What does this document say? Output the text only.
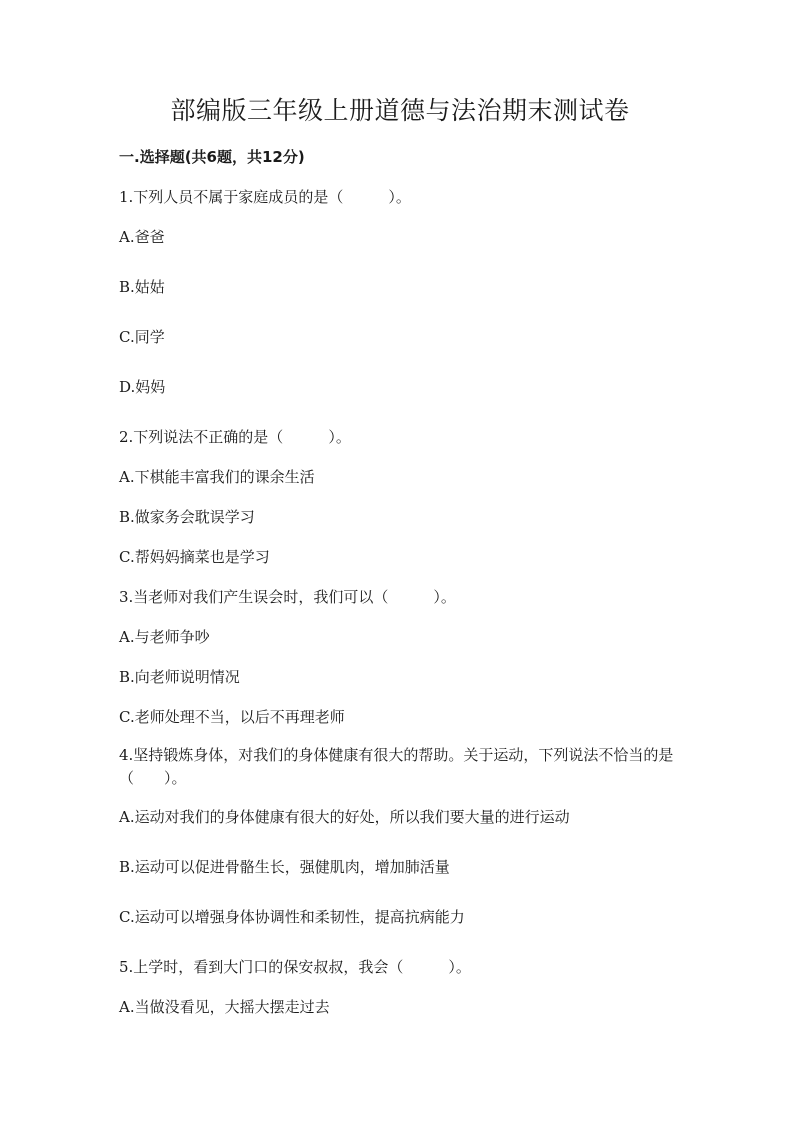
部编版三年级上册道德与法治期末测试卷
一.选择题(共6题，共12分)
1.下列人员不属于家庭成员的是（　　　）。
A.爸爸
B.姑姑
C.同学
D.妈妈
2.下列说法不正确的是（　　　）。
A.下棋能丰富我们的课余生活
B.做家务会耽误学习
C.帮妈妈摘菜也是学习
3.当老师对我们产生误会时，我们可以（　　　）。
A.与老师争吵
B.向老师说明情况
C.老师处理不当，以后不再理老师
4.坚持锻炼身体，对我们的身体健康有很大的帮助。关于运动，下列说法不恰当的是（　　）。
A.运动对我们的身体健康有很大的好处，所以我们要大量的进行运动
B.运动可以促进骨骼生长，强健肌肉，增加肺活量
C.运动可以增强身体协调性和柔韧性，提高抗病能力
5.上学时，看到大门口的保安叔叔，我会（　　　）。
A.当做没看见，大摇大摆走过去
